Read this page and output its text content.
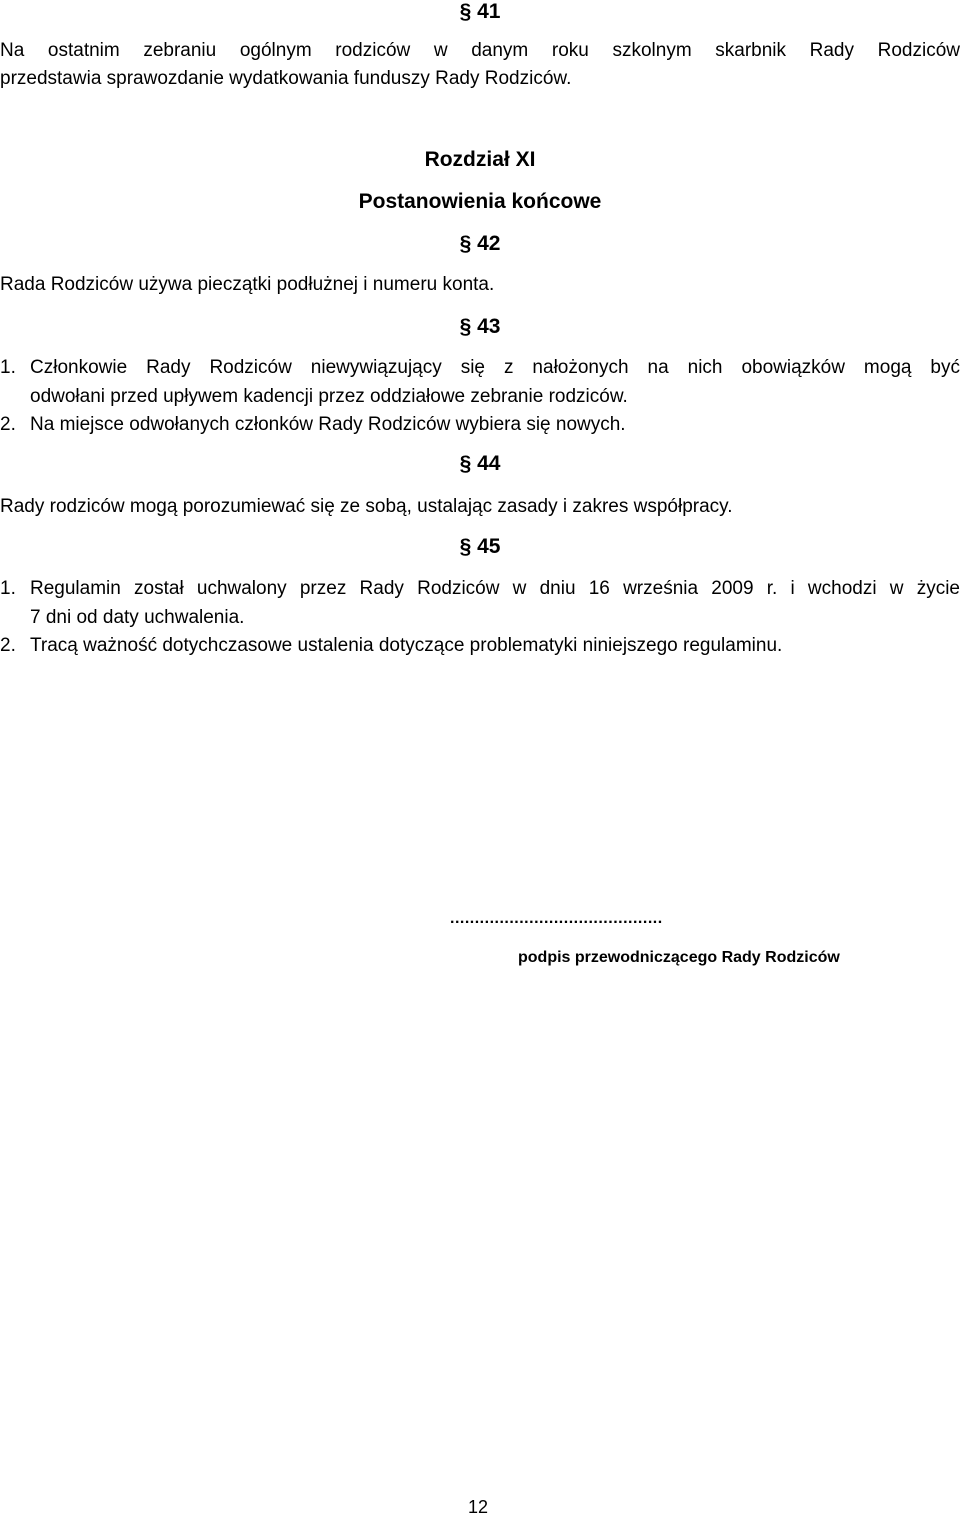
§ 41
Na ostatnim zebraniu ogólnym rodziców w danym roku szkolnym skarbnik Rady Rodziców
przedstawia sprawozdanie wydatkowania funduszy Rady Rodziców.
Rozdział XI
Postanowienia końcowe
§ 42
Rada Rodziców używa pieczątki podłużnej i numeru konta.
§ 43
1. Członkowie Rady Rodziców niewywiązujący się z nałożonych na nich obowiązków mogą być
odwołani przed upływem kadencji przez oddziałowe zebranie rodziców.
2. Na miejsce odwołanych członków Rady Rodziców wybiera się nowych.
§ 44
Rady rodziców mogą porozumiewać się ze sobą, ustalając zasady i zakres współpracy.
§ 45
1. Regulamin został uchwalony przez Rady Rodziców w dniu 16 września 2009 r. i wchodzi w życie
7 dni od daty uchwalenia.
2. Tracą ważność dotychczasowe ustalenia dotyczące problematyki niniejszego regulaminu.
...........................................
podpis przewodniczącego Rady Rodziców
12
